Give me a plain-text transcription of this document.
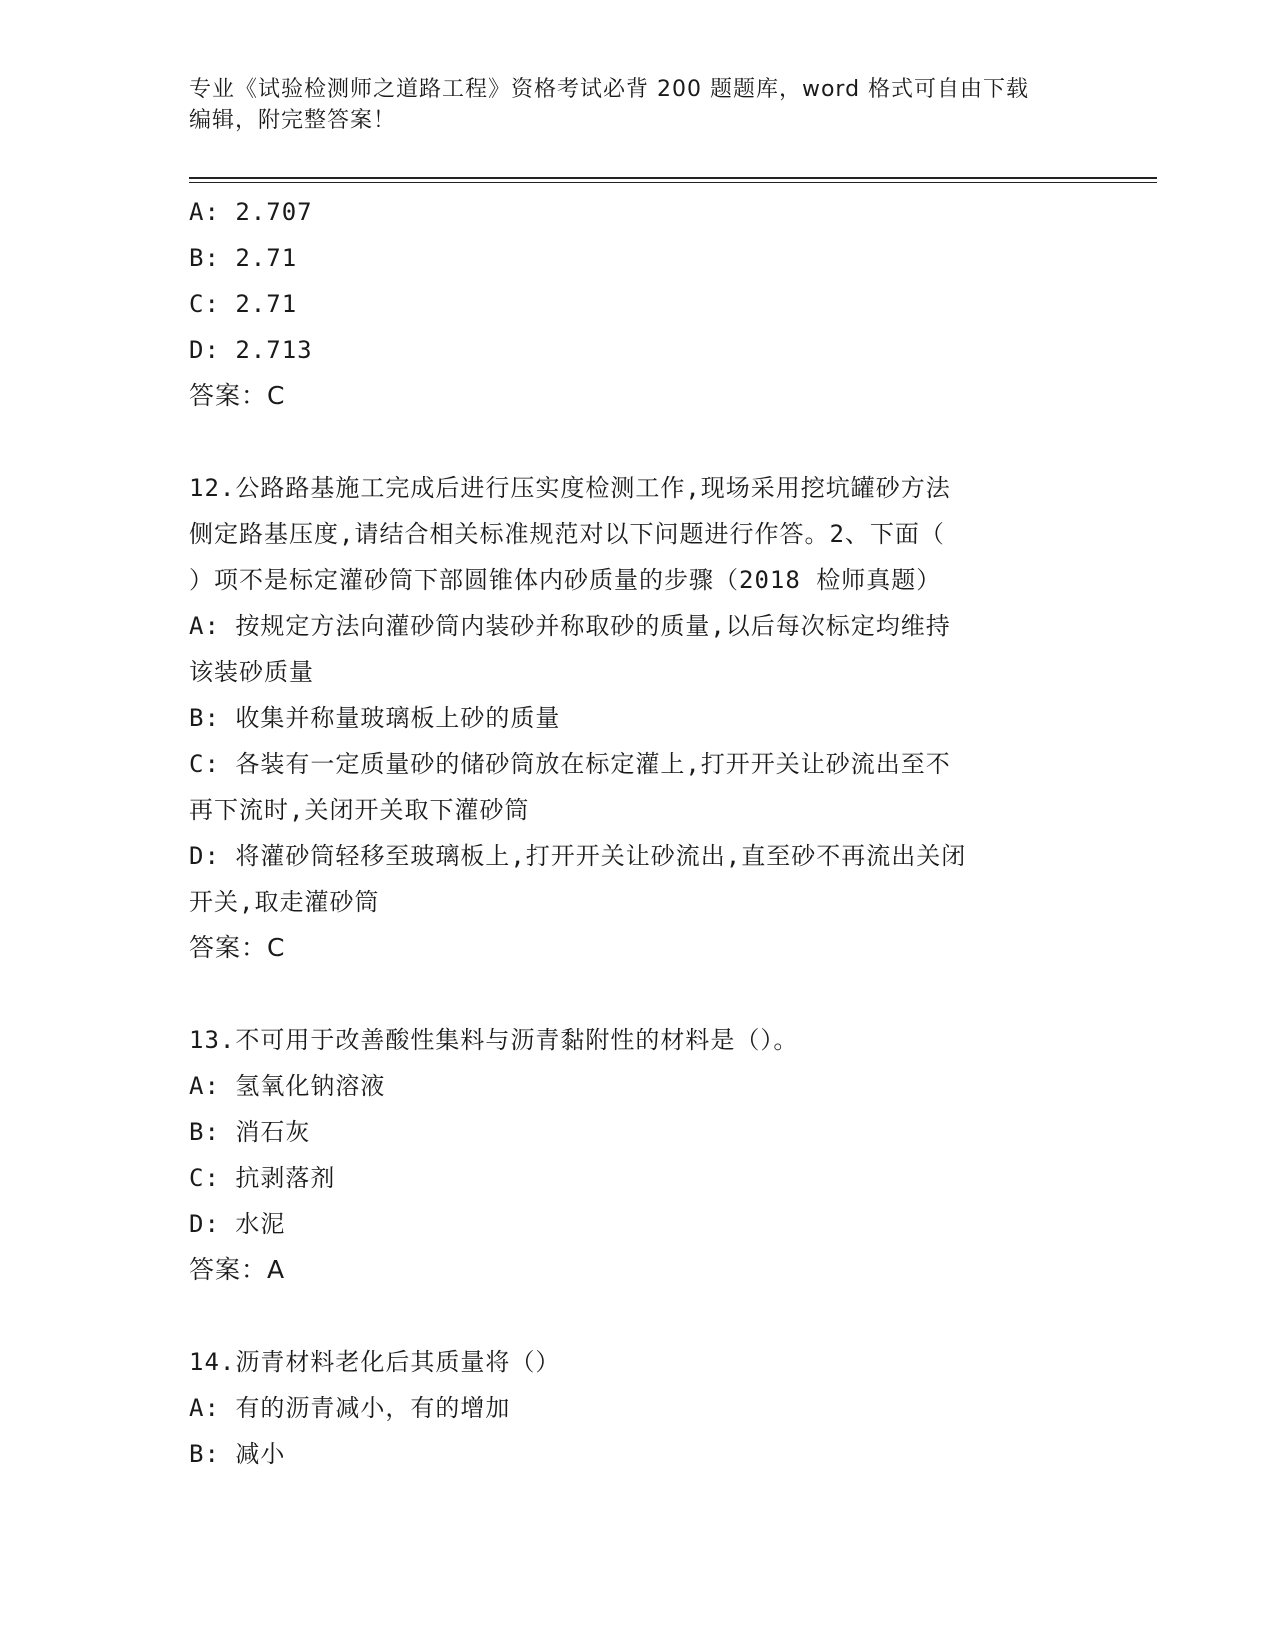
专业《试验检测师之道路工程》资格考试必背 200 题题库，word 格式可自由下载
编辑，附完整答案！
A: 2.707
B: 2.71
C: 2.71
D: 2.713
答案：C
12.公路路基施工完成后进行压实度检测工作,现场采用挖坑罐砂方法
侧定路基压度,请结合相关标准规范对以下问题进行作答。2、下面（
）项不是标定灌砂筒下部圆锥体内砂质量的步骤（2018 检师真题）
A: 按规定方法向灌砂筒内装砂并称取砂的质量,以后每次标定均维持
该装砂质量
B: 收集并称量玻璃板上砂的质量
C: 各装有一定质量砂的储砂筒放在标定灌上,打开开关让砂流出至不
再下流时,关闭开关取下灌砂筒
D: 将灌砂筒轻移至玻璃板上,打开开关让砂流出,直至砂不再流出关闭
开关,取走灌砂筒
答案：C
13.不可用于改善酸性集料与沥青黏附性的材料是（）。
A: 氢氧化钠溶液
B: 消石灰
C: 抗剥落剂
D: 水泥
答案：A
14.沥青材料老化后其质量将（）
A: 有的沥青减小，有的增加
B: 减小
